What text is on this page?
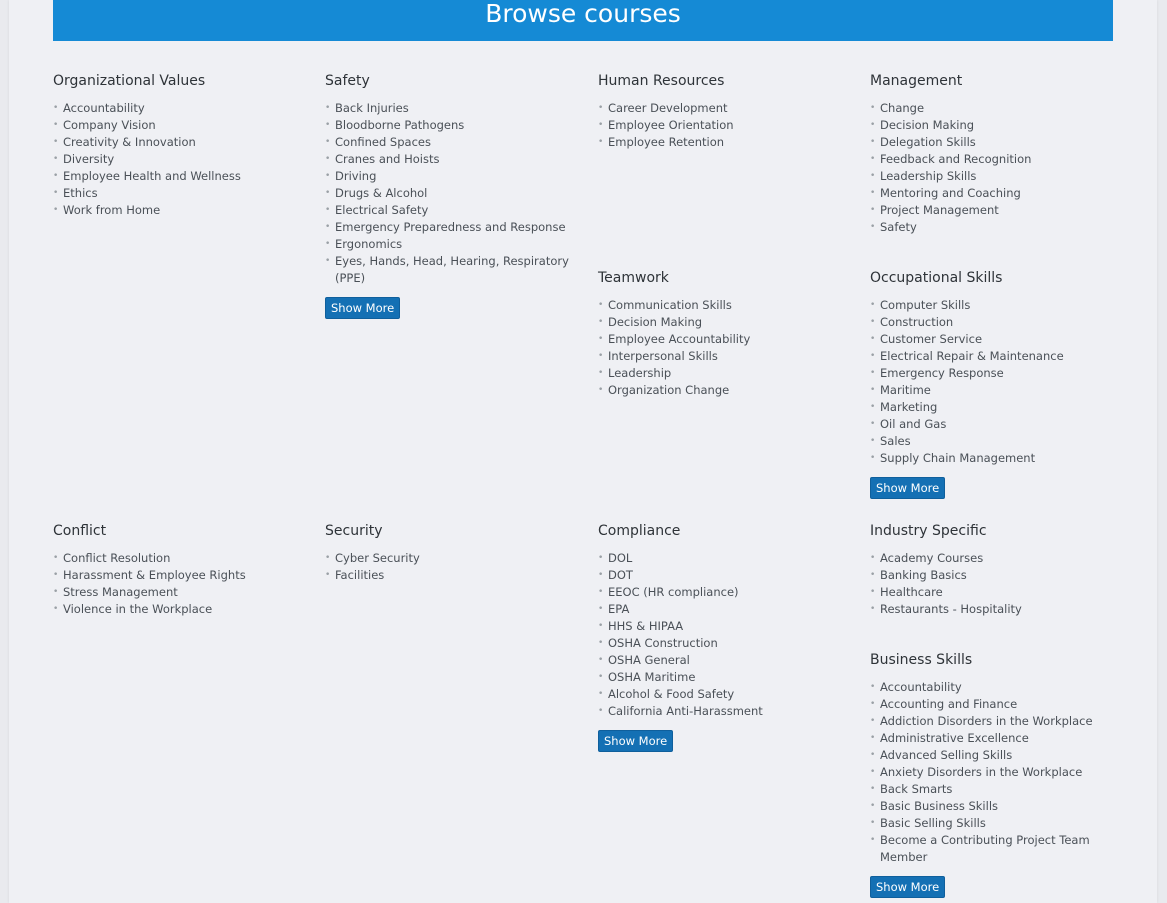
Browse courses
Organizational Values
• Accountability
• Company Vision
• Creativity & Innovation
• Diversity
• Employee Health and Wellness
• Ethics
• Work from Home
Safety
• Back Injuries
• Bloodborne Pathogens
• Confined Spaces
• Cranes and Hoists
• Driving
• Drugs & Alcohol
• Electrical Safety
• Emergency Preparedness and Response
• Ergonomics
• Eyes, Hands, Head, Hearing, Respiratory (PPE)
Show More
Human Resources
• Career Development
• Employee Orientation
• Employee Retention
Management
• Change
• Decision Making
• Delegation Skills
• Feedback and Recognition
• Leadership Skills
• Mentoring and Coaching
• Project Management
• Safety
Teamwork
• Communication Skills
• Decision Making
• Employee Accountability
• Interpersonal Skills
• Leadership
• Organization Change
Occupational Skills
• Computer Skills
• Construction
• Customer Service
• Electrical Repair & Maintenance
• Emergency Response
• Maritime
• Marketing
• Oil and Gas
• Sales
• Supply Chain Management
Show More
Conflict
• Conflict Resolution
• Harassment & Employee Rights
• Stress Management
• Violence in the Workplace
Security
• Cyber Security
• Facilities
Compliance
• DOL
• DOT
• EEOC (HR compliance)
• EPA
• HHS & HIPAA
• OSHA Construction
• OSHA General
• OSHA Maritime
• Alcohol & Food Safety
• California Anti-Harassment
Show More
Industry Specific
• Academy Courses
• Banking Basics
• Healthcare
• Restaurants - Hospitality
Business Skills
• Accountability
• Accounting and Finance
• Addiction Disorders in the Workplace
• Administrative Excellence
• Advanced Selling Skills
• Anxiety Disorders in the Workplace
• Back Smarts
• Basic Business Skills
• Basic Selling Skills
• Become a Contributing Project Team Member
Show More
